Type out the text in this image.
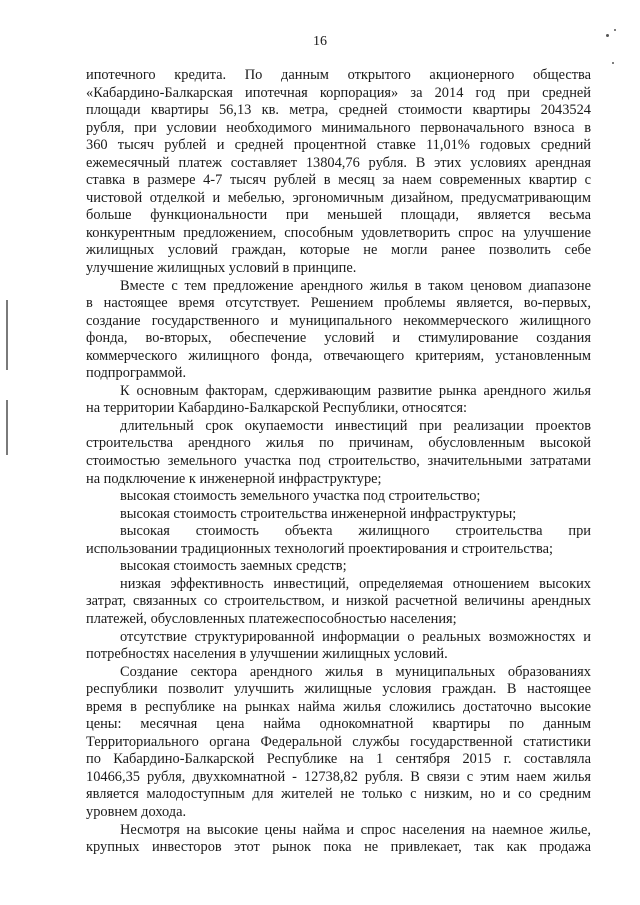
16
ипотечного кредита. По данным открытого акционерного общества
«Кабардино-Балкарская ипотечная корпорация» за 2014 год при средней
площади квартиры 56,13 кв. метра, средней стоимости квартиры 2043524
рубля, при условии необходимого минимального первоначального взноса в
360 тысяч рублей и средней процентной ставке 11,01% годовых средний
ежемесячный платеж составляет 13804,76 рубля. В этих условиях арендная
ставка в размере 4-7 тысяч рублей в месяц за наем современных квартир с
чистовой отделкой и мебелью, эргономичным дизайном, предусматривающим
больше функциональности при меньшей площади, является весьма
конкурентным предложением, способным удовлетворить спрос на улучшение
жилищных условий граждан, которые не могли ранее позволить себе
улучшение жилищных условий в принципе.
Вместе с тем предложение арендного жилья в таком ценовом диапазоне
в настоящее время отсутствует. Решением проблемы является, во-первых,
создание государственного и муниципального некоммерческого жилищного
фонда, во-вторых, обеспечение условий и стимулирование создания
коммерческого жилищного фонда, отвечающего критериям, установленным
подпрограммой.
К основным факторам, сдерживающим развитие рынка арендного жилья
на территории Кабардино-Балкарской Республики, относятся:
длительный срок окупаемости инвестиций при реализации проектов
строительства арендного жилья по причинам, обусловленным высокой
стоимостью земельного участка под строительство, значительными затратами
на подключение к инженерной инфраструктуре;
высокая стоимость земельного участка под строительство;
высокая стоимость строительства инженерной инфраструктуры;
высокая стоимость объекта жилищного строительства при
использовании традиционных технологий проектирования и строительства;
высокая стоимость заемных средств;
низкая эффективность инвестиций, определяемая отношением высоких
затрат, связанных со строительством, и низкой расчетной величины арендных
платежей, обусловленных платежеспособностью населения;
отсутствие структурированной информации о реальных возможностях и
потребностях населения в улучшении жилищных условий.
Создание сектора арендного жилья в муниципальных образованиях
республики позволит улучшить жилищные условия граждан. В настоящее
время в республике на рынках найма жилья сложились достаточно высокие
цены: месячная цена найма однокомнатной квартиры по данным
Территориального органа Федеральной службы государственной статистики
по Кабардино-Балкарской Республике на 1 сентября 2015 г. составляла
10466,35 рубля, двухкомнатной - 12738,82 рубля. В связи с этим наем жилья
является малодоступным для жителей не только с низким, но и со средним
уровнем дохода.
Несмотря на высокие цены найма и спрос населения на наемное жилье,
крупных инвесторов этот рынок пока не привлекает, так как продажа
